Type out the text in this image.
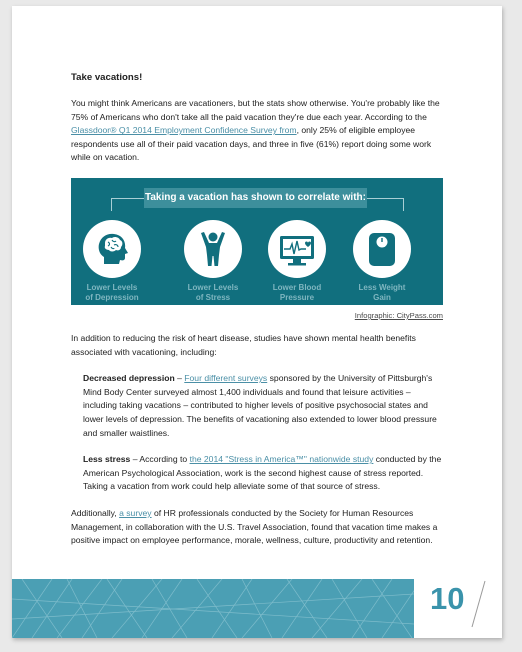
Take vacations!

You might think Americans are vacationers, but the stats show otherwise. You're probably like the 75% of Americans who don't take all the paid vacation they're due each year. According to the Glassdoor® Q1 2014 Employment Confidence Survey from, only 25% of eligible employee respondents use all of their paid vacation days, and three in five (61%) report doing some work while on vacation.

Taking a vacation has shown to correlate with:
Lower Levels
of Depression
Lower Levels
of Stress
Lower Blood
Pressure
Less Weight
Gain
Infographic: CityPass.com

In addition to reducing the risk of heart disease, studies have shown mental health benefits associated with vacationing, including:

Decreased depression – Four different surveys sponsored by the University of Pittsburgh's Mind Body Center surveyed almost 1,400 individuals and found that leisure activities – including taking vacations – contributed to higher levels of positive psychosocial states and lower levels of depression. The benefits of vacationing also extended to lower blood pressure and smaller waistlines.

Less stress – According to the 2014 "Stress in America™" nationwide study conducted by the American Psychological Association, work is the second highest cause of stress reported. Taking a vacation from work could help alleviate some of that source of stress.

Additionally, a survey of HR professionals conducted by the Society for Human Resources Management, in collaboration with the U.S. Travel Association, found that vacation time makes a positive impact on employee performance, morale, wellness, culture, productivity and retention.

10
